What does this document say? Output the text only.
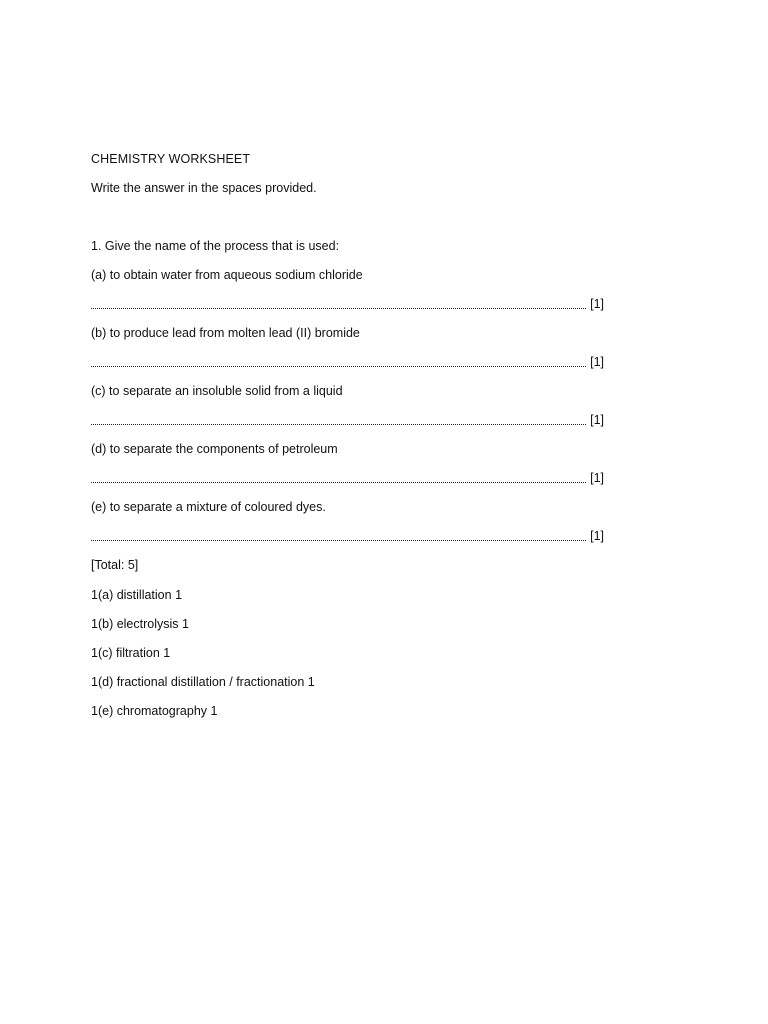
CHEMISTRY WORKSHEET

Write the answer in the spaces provided.

1. Give the name of the process that is used:

(a) to obtain water from aqueous sodium chloride

[1]

(b) to produce lead from molten lead (II) bromide

[1]

(c) to separate an insoluble solid from a liquid

[1]

(d) to separate the components of petroleum

[1]

(e) to separate a mixture of coloured dyes.

[1]

[Total: 5]

1(a) distillation 1

1(b) electrolysis 1

1(c) filtration 1

1(d) fractional distillation / fractionation 1

1(e) chromatography 1
